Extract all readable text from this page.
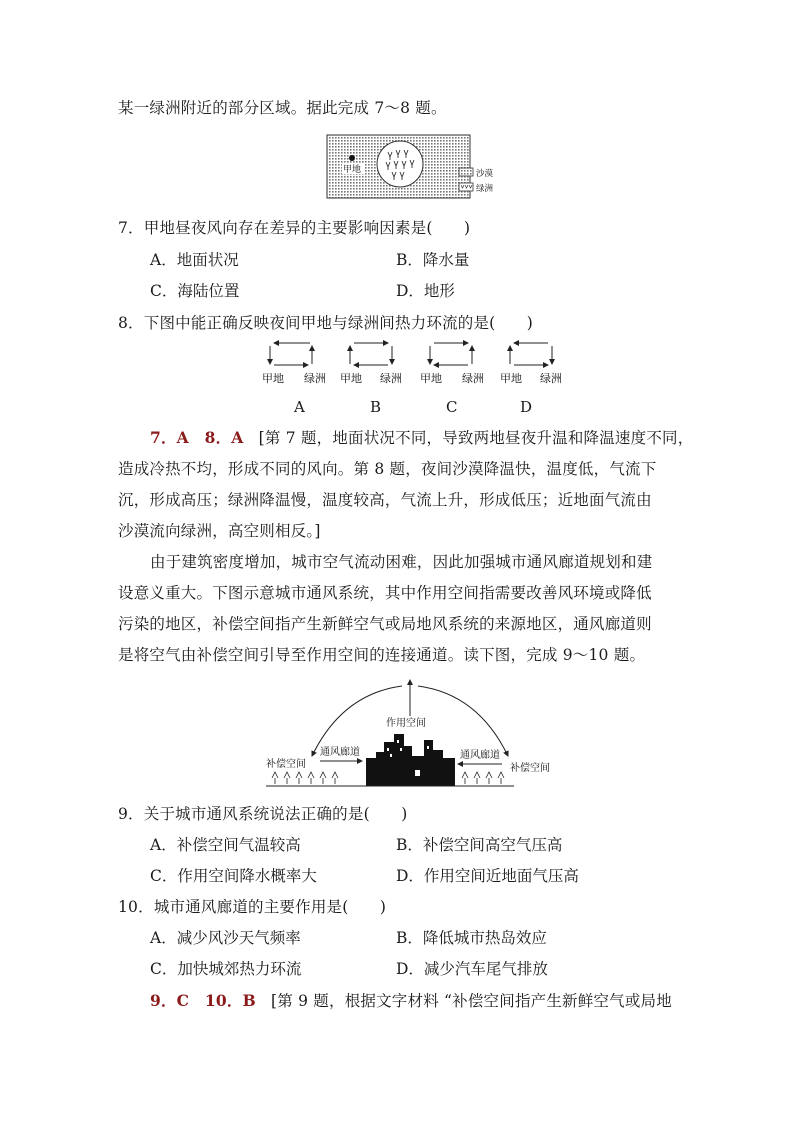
某一绿洲附近的部分区域。据此完成 7～8 题。
甲地	沙漠
绿洲
7．甲地昼夜风向存在差异的主要影响因素是(　　)
A．地面状况	B．降水量
C．海陆位置	D．地形
8．下图中能正确反映夜间甲地与绿洲间热力环流的是(　　)
甲地 绿洲 甲地 绿洲 甲地 绿洲 甲地 绿洲
A	B	C	D
7．A　8．A [第 7 题，地面状况不同，导致两地昼夜升温和降温速度不同，
造成冷热不均，形成不同的风向。第 8 题，夜间沙漠降温快，温度低，气流下
沉，形成高压；绿洲降温慢，温度较高，气流上升，形成低压；近地面气流由
沙漠流向绿洲，高空则相反。]
由于建筑密度增加，城市空气流动困难，因此加强城市通风廊道规划和建
设意义重大。下图示意城市通风系统，其中作用空间指需要改善风环境或降低
污染的地区，补偿空间指产生新鲜空气或局地风系统的来源地区，通风廊道则
是将空气由补偿空间引导至作用空间的连接通道。读下图，完成 9～10 题。
作用空间
通风廊道	通风廊道
补偿空间	补偿空间
9．关于城市通风系统说法正确的是(　　)
A．补偿空间气温较高	B．补偿空间高空气压高
C．作用空间降水概率大	D．作用空间近地面气压高
10．城市通风廊道的主要作用是(　　)
A．减少风沙天气频率	B．降低城市热岛效应
C．加快城郊热力环流	D．减少汽车尾气排放
9．C　10．B [第 9 题，根据文字材料 “补偿空间指产生新鲜空气或局地
